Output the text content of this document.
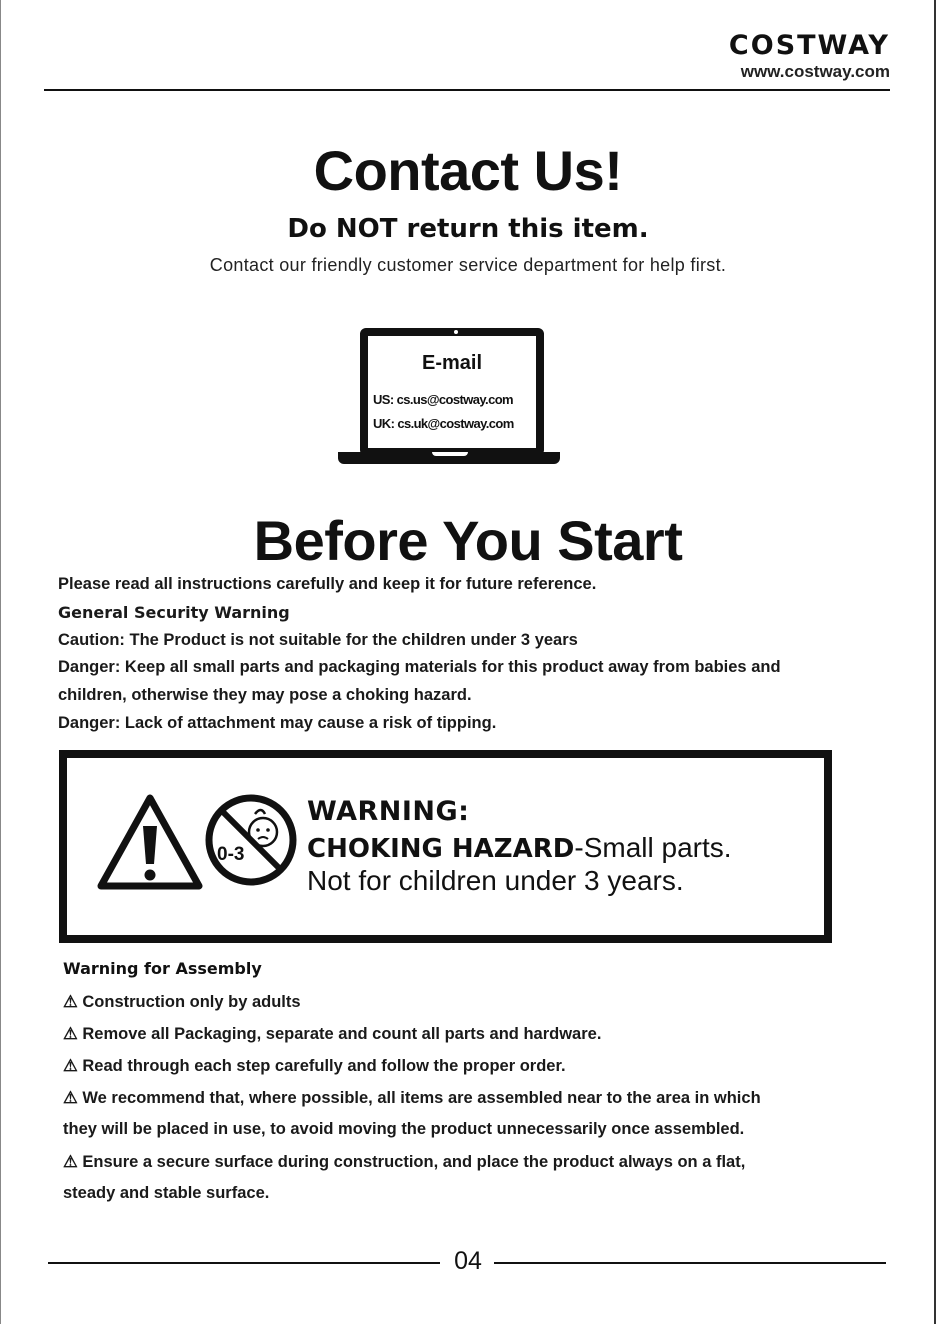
COSTWAY
www.costway.com
Contact Us!
Do NOT return this item.
Contact our friendly customer service department for help first.
E-mail
US: cs.us@costway.com
UK: cs.uk@costway.com
Before You Start
Please read all instructions carefully and keep it for future reference.
General Security Warning
Caution: The Product is not suitable for the children under 3 years
Danger: Keep all small parts and packaging materials for this product away from babies and
children, otherwise they may pose a choking hazard.
Danger: Lack of attachment may cause a risk of tipping.
0-3
WARNING:
CHOKING HAZARD-Small parts.
Not for children under 3 years.
Warning for Assembly
⚠ Construction only by adults
⚠ Remove all Packaging, separate and count all parts and hardware.
⚠ Read through each step carefully and follow the proper order.
⚠ We recommend that, where possible, all items are assembled near to the area in which
they will be placed in use, to avoid moving the product unnecessarily once assembled.
⚠ Ensure a secure surface during construction, and place the product always on a flat,
steady and stable surface.
04
